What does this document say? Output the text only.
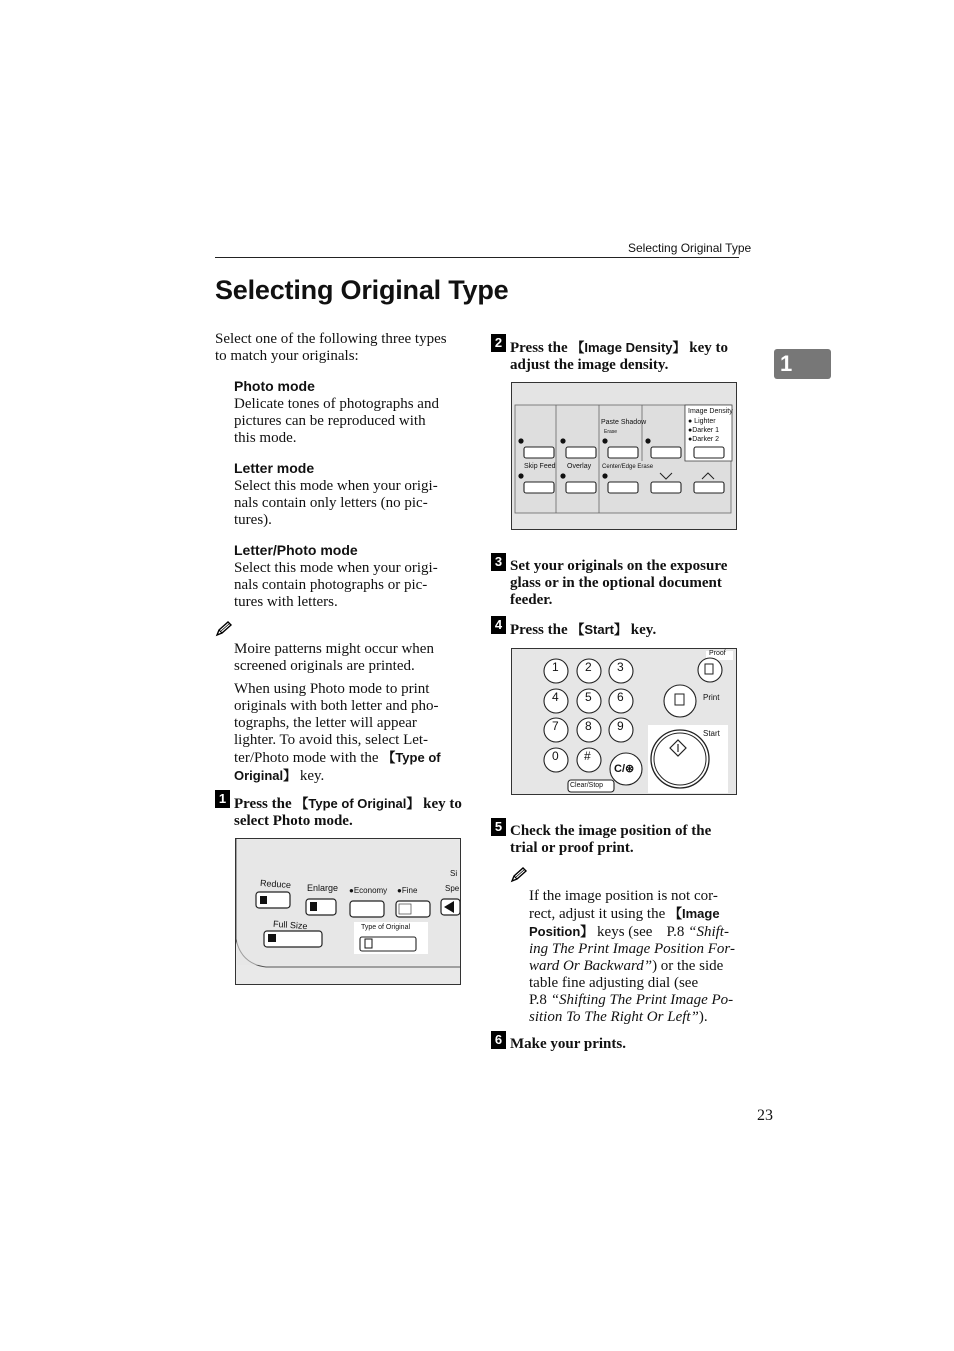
Selecting Original Type
Selecting Original Type
1
Select one of the following three types
to match your originals:
Photo mode
Delicate tones of photographs and
pictures can be reproduced with
this mode.
Letter mode
Select this mode when your origi-
nals contain only letters (no pic-
tures).
Letter/Photo mode
Select this mode when your origi-
nals contain photographs or pic-
tures with letters.
Moire patterns might occur when
screened originals are printed.
When using Photo mode to print
originals with both letter and pho-
tographs, the letter will appear
lighter. To avoid this, select Let-
ter/Photo mode with the 【Type of
Original】 key.
1 Press the 【Type of Original】 key to
select Photo mode.
Reduce Enlarge ●Economy ●Fine
Si
Spe
Full Size	Type of Original
2 Press the 【Image Density】 key to
adjust the image density.
Paste Shadow
Erase
Image Density
● Lighter
●Darker 1
●Darker 2
Skip Feed Overlay Center/Edge Erase
3 Set your originals on the exposure
glass or in the optional document
feeder.
4 Press the 【Start】 key.
1 2 3
4 5 6
7 8 9
0 #
C/⊛
Clear/Stop
Proof
Print
Start
5 Check the image position of the
trial or proof print.
If the image position is not cor-
rect, adjust it using the 【Image
Position】 keys (see P.8 “Shift-
ing The Print Image Position For-
ward Or Backward”) or the side
table fine adjusting dial (see
P.8 “Shifting The Print Image Po-
sition To The Right Or Left”).
6 Make your prints.
23
